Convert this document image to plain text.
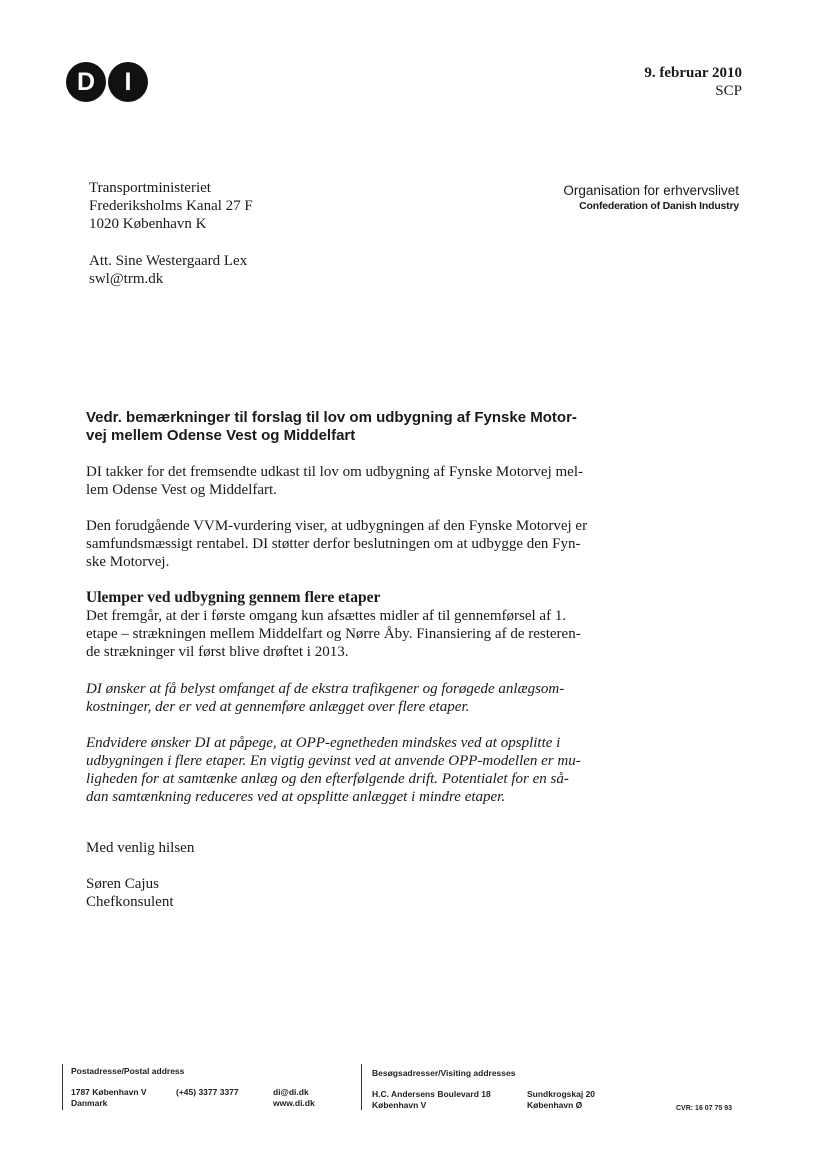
D	I	9. februar 2010
SCP
Transportministeriet
Frederiksholms Kanal 27 F
1020 København K
Att. Sine Westergaard Lex
swl@trm.dk
Organisation for erhvervslivet
Confederation of Danish Industry
Vedr. bemærkninger til forslag til lov om udbygning af Fynske Motor-
vej mellem Odense Vest og Middelfart
DI takker for det fremsendte udkast til lov om udbygning af Fynske Motorvej mel-
lem Odense Vest og Middelfart.
Den forudgående VVM-vurdering viser, at udbygningen af den Fynske Motorvej er
samfundsmæssigt rentabel. DI støtter derfor beslutningen om at udbygge den Fyn-
ske Motorvej.
Ulemper ved udbygning gennem flere etaper
Det fremgår, at der i første omgang kun afsættes midler af til gennemførsel af 1.
etape – strækningen mellem Middelfart og Nørre Åby. Finansiering af de resteren-
de strækninger vil først blive drøftet i 2013.
DI ønsker at få belyst omfanget af de ekstra trafikgener og forøgede anlægsom-
kostninger, der er ved at gennemføre anlægget over flere etaper.
Endvidere ønsker DI at påpege, at OPP-egnetheden mindskes ved at opsplitte i
udbygningen i flere etaper. En vigtig gevinst ved at anvende OPP-modellen er mu-
ligheden for at samtænke anlæg og den efterfølgende drift. Potentialet for en så-
dan samtænkning reduceres ved at opsplitte anlægget i mindre etaper.
Med venlig hilsen
Søren Cajus
Chefkonsulent
Postadresse/Postal address
1787 København V
Danmark
(+45) 3377 3377	di@di.dk
www.di.dk
Besøgsadresser/Visiting addresses
H.C. Andersens Boulevard 18
København V
Sundkrogskaj 20
København Ø	CVR: 16 07 75 93
